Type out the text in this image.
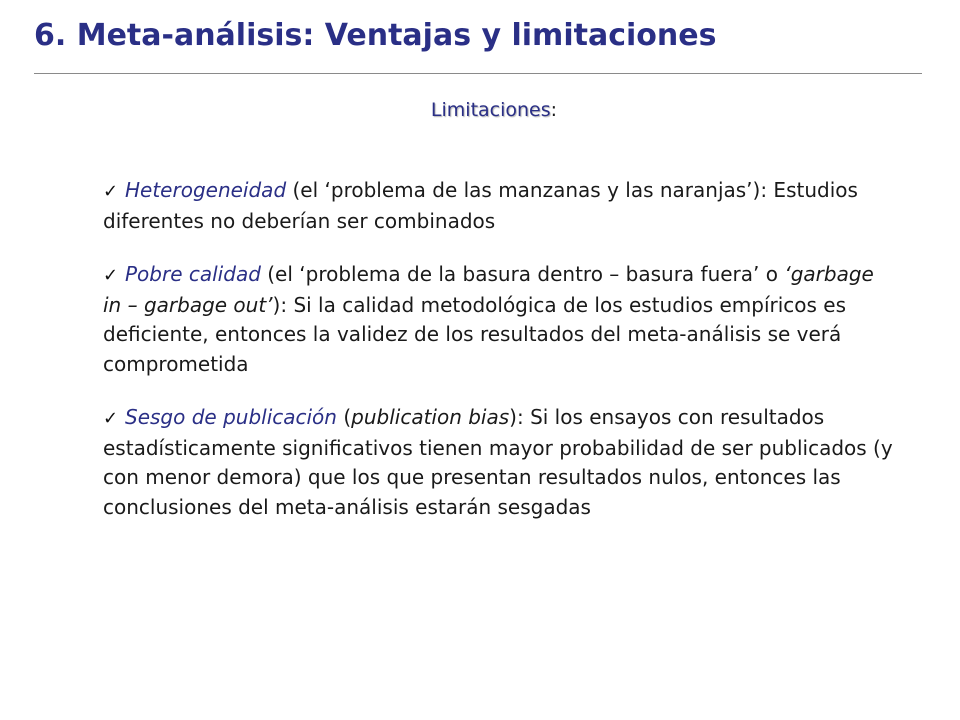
6. Meta-análisis: Ventajas y limitaciones
Limitaciones:
✓ Heterogeneidad (el ‘problema de las manzanas y las naranjas’): Estudios diferentes no deberían ser combinados
✓ Pobre calidad (el ‘problema de la basura dentro – basura fuera’ o ‘garbage in – garbage out’): Si la calidad metodológica de los estudios empíricos es deficiente, entonces la validez de los resultados del meta-análisis se verá comprometida
✓ Sesgo de publicación (publication bias): Si los ensayos con resultados estadísticamente significativos tienen mayor probabilidad de ser publicados (y con menor demora) que los que presentan resultados nulos, entonces las conclusiones del meta-análisis estarán sesgadas
